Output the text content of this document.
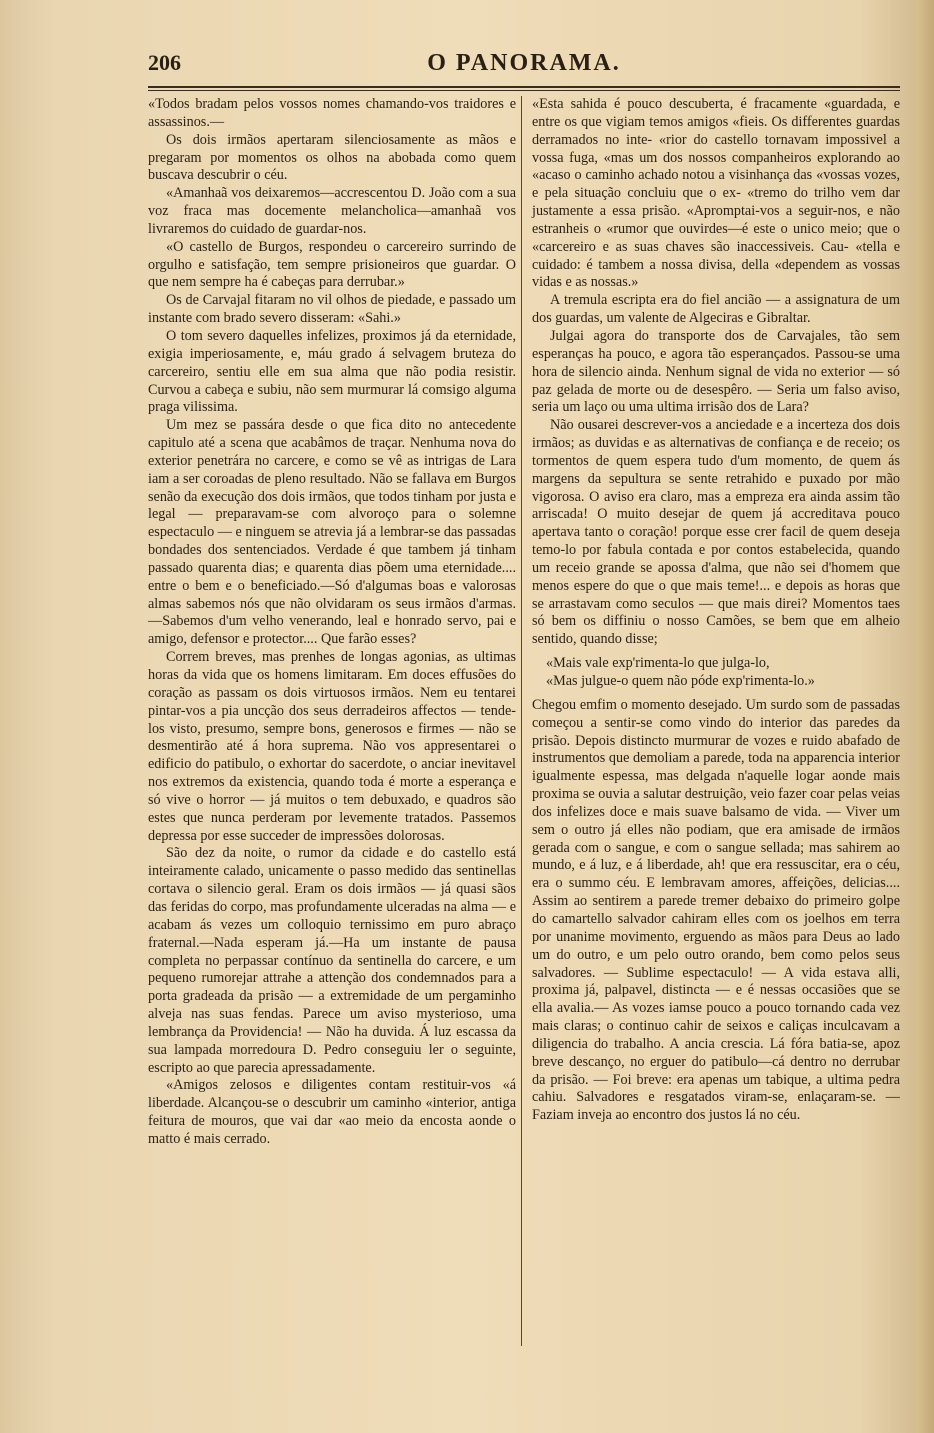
206	O PANORAMA.

«Todos bradam pelos vossos nomes chamando-vos traidores e assassinos.—

Os dois irmãos apertaram silenciosamente as mãos e pregaram por momentos os olhos na abobada como quem buscava descubrir o céu.

«Amanhaã vos deixaremos—accrescentou D. João com a sua voz fraca mas docemente melancholica—amanhaã vos livraremos do cuidado de guardar-nos.

«O castello de Burgos, respondeu o carcereiro surrindo de orgulho e satisfação, tem sempre prisioneiros que guardar. O que nem sempre ha é cabeças para derrubar.»

Os de Carvajal fitaram no vil olhos de piedade, e passado um instante com brado severo disseram: «Sahi.»

O tom severo daquelles infelizes, proximos já da eternidade, exigia imperiosamente, e, máu grado á selvagem bruteza do carcereiro, sentiu elle em sua alma que não podia resistir. Curvou a cabeça e subiu, não sem murmurar lá comsigo alguma praga vilissima.

Um mez se passára desde o que fica dito no antecedente capitulo até a scena que acabâmos de traçar. Nenhuma nova do exterior penetrára no carcere, e como se vê as intrigas de Lara iam a ser coroadas de pleno resultado. Não se fallava em Burgos senão da execução dos dois irmãos, que todos tinham por justa e legal — preparavam-se com alvoroço para o solemne espectaculo — e ninguem se atrevia já a lembrar-se das passadas bondades dos sentenciados. Verdade é que tambem já tinham passado quarenta dias; e quarenta dias põem uma eternidade.... entre o bem e o beneficiado.—Só d'algumas boas e valorosas almas sabemos nós que não olvidaram os seus irmãos d'armas.—Sabemos d'um velho venerando, leal e honrado servo, pai e amigo, defensor e protector.... Que farão esses?

Correm breves, mas prenhes de longas agonias, as ultimas horas da vida que os homens limitaram. Em doces effusões do coração as passam os dois virtuosos irmãos. Nem eu tentarei pintar-vos a pia uncção dos seus derradeiros affectos — tende-los visto, presumo, sempre bons, generosos e firmes — não se desmentirão até á hora suprema. Não vos appresentarei o edificio do patibulo, o exhortar do sacerdote, o anciar inevitavel nos extremos da existencia, quando toda é morte a esperança e só vive o horror — já muitos o tem debuxado, e quadros são estes que nunca perderam por levemente tratados. Passemos depressa por esse succeder de impressões dolorosas.

São dez da noite, o rumor da cidade e do castello está inteiramente calado, unicamente o passo medido das sentinellas cortava o silencio geral. Eram os dois irmãos — já quasi sãos das feridas do corpo, mas profundamente ulceradas na alma — e acabam ás vezes um colloquio ternissimo em puro abraço fraternal.—Nada esperam já.—Ha um instante de pausa completa no perpassar contínuo da sentinella do carcere, e um pequeno rumorejar attrahe a attenção dos condemnados para a porta gradeada da prisão — a extremidade de um pergaminho alveja nas suas fendas. Parece um aviso mysterioso, uma lembrança da Providencia! — Não ha duvida. Á luz escassa da sua lampada morredoura D. Pedro conseguiu ler o seguinte, escripto ao que parecia apressadamente.

«Amigos zelosos e diligentes contam restituir-vos «á liberdade. Alcançou-se o descubrir um caminho «interior, antiga feitura de mouros, que vai dar «ao meio da encosta aonde o matto é mais cerrado.

«Esta sahida é pouco descuberta, é fracamente «guardada, e entre os que vigiam temos amigos «fieis. Os differentes guardas derramados no inte- «rior do castello tornavam impossivel a vossa fuga, «mas um dos nossos companheiros explorando ao «acaso o caminho achado notou a visinhança das «vossas vozes, e pela situação concluiu que o ex- «tremo do trilho vem dar justamente a essa prisão. «Apromptai-vos a seguir-nos, e não estranheis o «rumor que ouvirdes—é este o unico meio; que o «carcereiro e as suas chaves são inaccessiveis. Cau- «tella e cuidado: é tambem a nossa divisa, della «dependem as vossas vidas e as nossas.»

A tremula escripta era do fiel ancião — a assignatura de um dos guardas, um valente de Algeciras e Gibraltar.

Julgai agora do transporte dos de Carvajales, tão sem esperanças ha pouco, e agora tão esperançados. Passou-se uma hora de silencio ainda. Nenhum signal de vida no exterior — só paz gelada de morte ou de desespêro. — Seria um falso aviso, seria um laço ou uma ultima irrisão dos de Lara?

Não ousarei descrever-vos a anciedade e a incerteza dos dois irmãos; as duvidas e as alternativas de confiança e de receio; os tormentos de quem espera tudo d'um momento, de quem ás margens da sepultura se sente retrahido e puxado por mão vigorosa. O aviso era claro, mas a empreza era ainda assim tão arriscada! O muito desejar de quem já accreditava pouco apertava tanto o coração! porque esse crer facil de quem deseja temo-lo por fabula contada e por contos estabelecida, quando um receio grande se apossa d'alma, que não sei d'homem que menos espere do que o que mais teme!... e depois as horas que se arrastavam como seculos — que mais direi? Momentos taes só bem os diffiniu o nosso Camões, se bem que em alheio sentido, quando disse;

«Mais vale exp'rimenta-lo que julga-lo,
«Mas julgue-o quem não póde exp'rimenta-lo.»

Chegou emfim o momento desejado. Um surdo som de passadas começou a sentir-se como vindo do interior das paredes da prisão. Depois distincto murmurar de vozes e ruido abafado de instrumentos que demoliam a parede, toda na apparencia interior igualmente espessa, mas delgada n'aquelle logar aonde mais proxima se ouvia a salutar destruição, veio fazer coar pelas veias dos infelizes doce e mais suave balsamo de vida. — Viver um sem o outro já elles não podiam, que era amisade de irmãos gerada com o sangue, e com o sangue sellada; mas sahirem ao mundo, e á luz, e á liberdade, ah! que era ressuscitar, era o céu, era o summo céu. E lembravam amores, affeições, delicias.... Assim ao sentirem a parede tremer debaixo do primeiro golpe do camartello salvador cahiram elles com os joelhos em terra por unanime movimento, erguendo as mãos para Deus ao lado um do outro, e um pelo outro orando, bem como pelos seus salvadores. — Sublime espectaculo! — A vida estava alli, proxima já, palpavel, distincta — e é nessas occasiões que se ella avalia.— As vozes iamse pouco a pouco tornando cada vez mais claras; o continuo cahir de seixos e caliças inculcavam a diligencia do trabalho. A ancia crescia. Lá fóra batia-se, apoz breve descanço, no erguer do patibulo—cá dentro no derrubar da prisão. — Foi breve: era apenas um tabique, a ultima pedra cahiu. Salvadores e resgatados viram-se, enlaçaram-se. — Faziam inveja ao encontro dos justos lá no céu.
